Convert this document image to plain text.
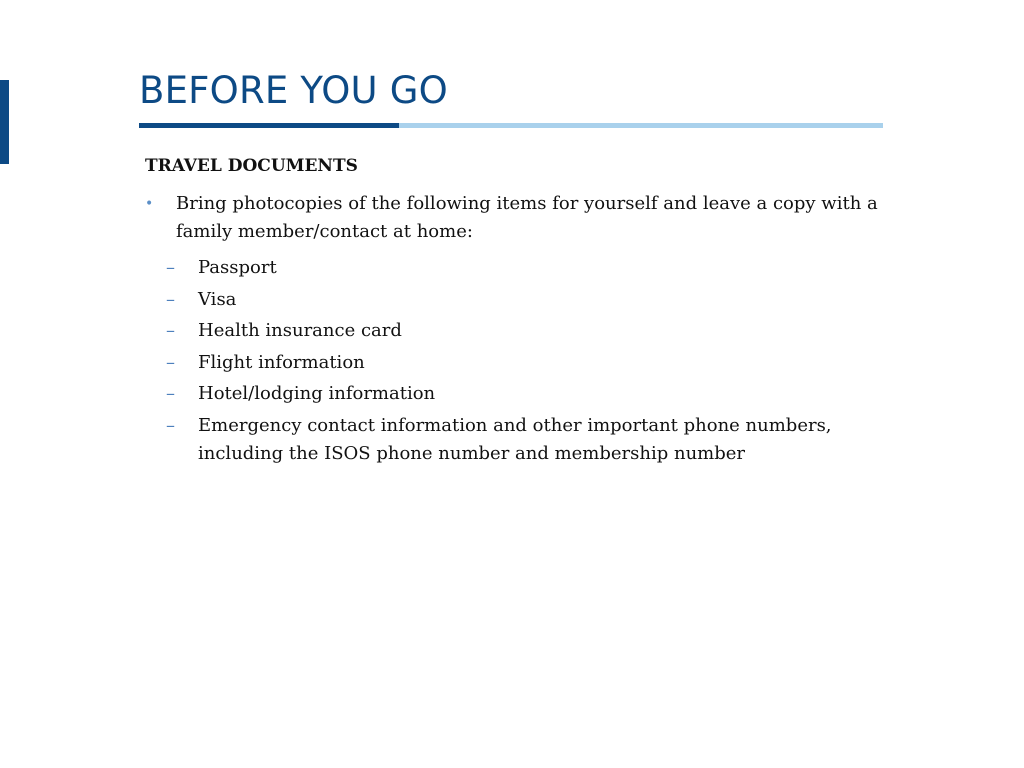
BEFORE YOU GO
TRAVEL DOCUMENTS
• Bring photocopies of the following items for yourself and leave a copy with a family member/contact at home:
– Passport
– Visa
– Health insurance card
– Flight information
– Hotel/lodging information
– Emergency contact information and other important phone numbers, including the ISOS phone number and membership number
